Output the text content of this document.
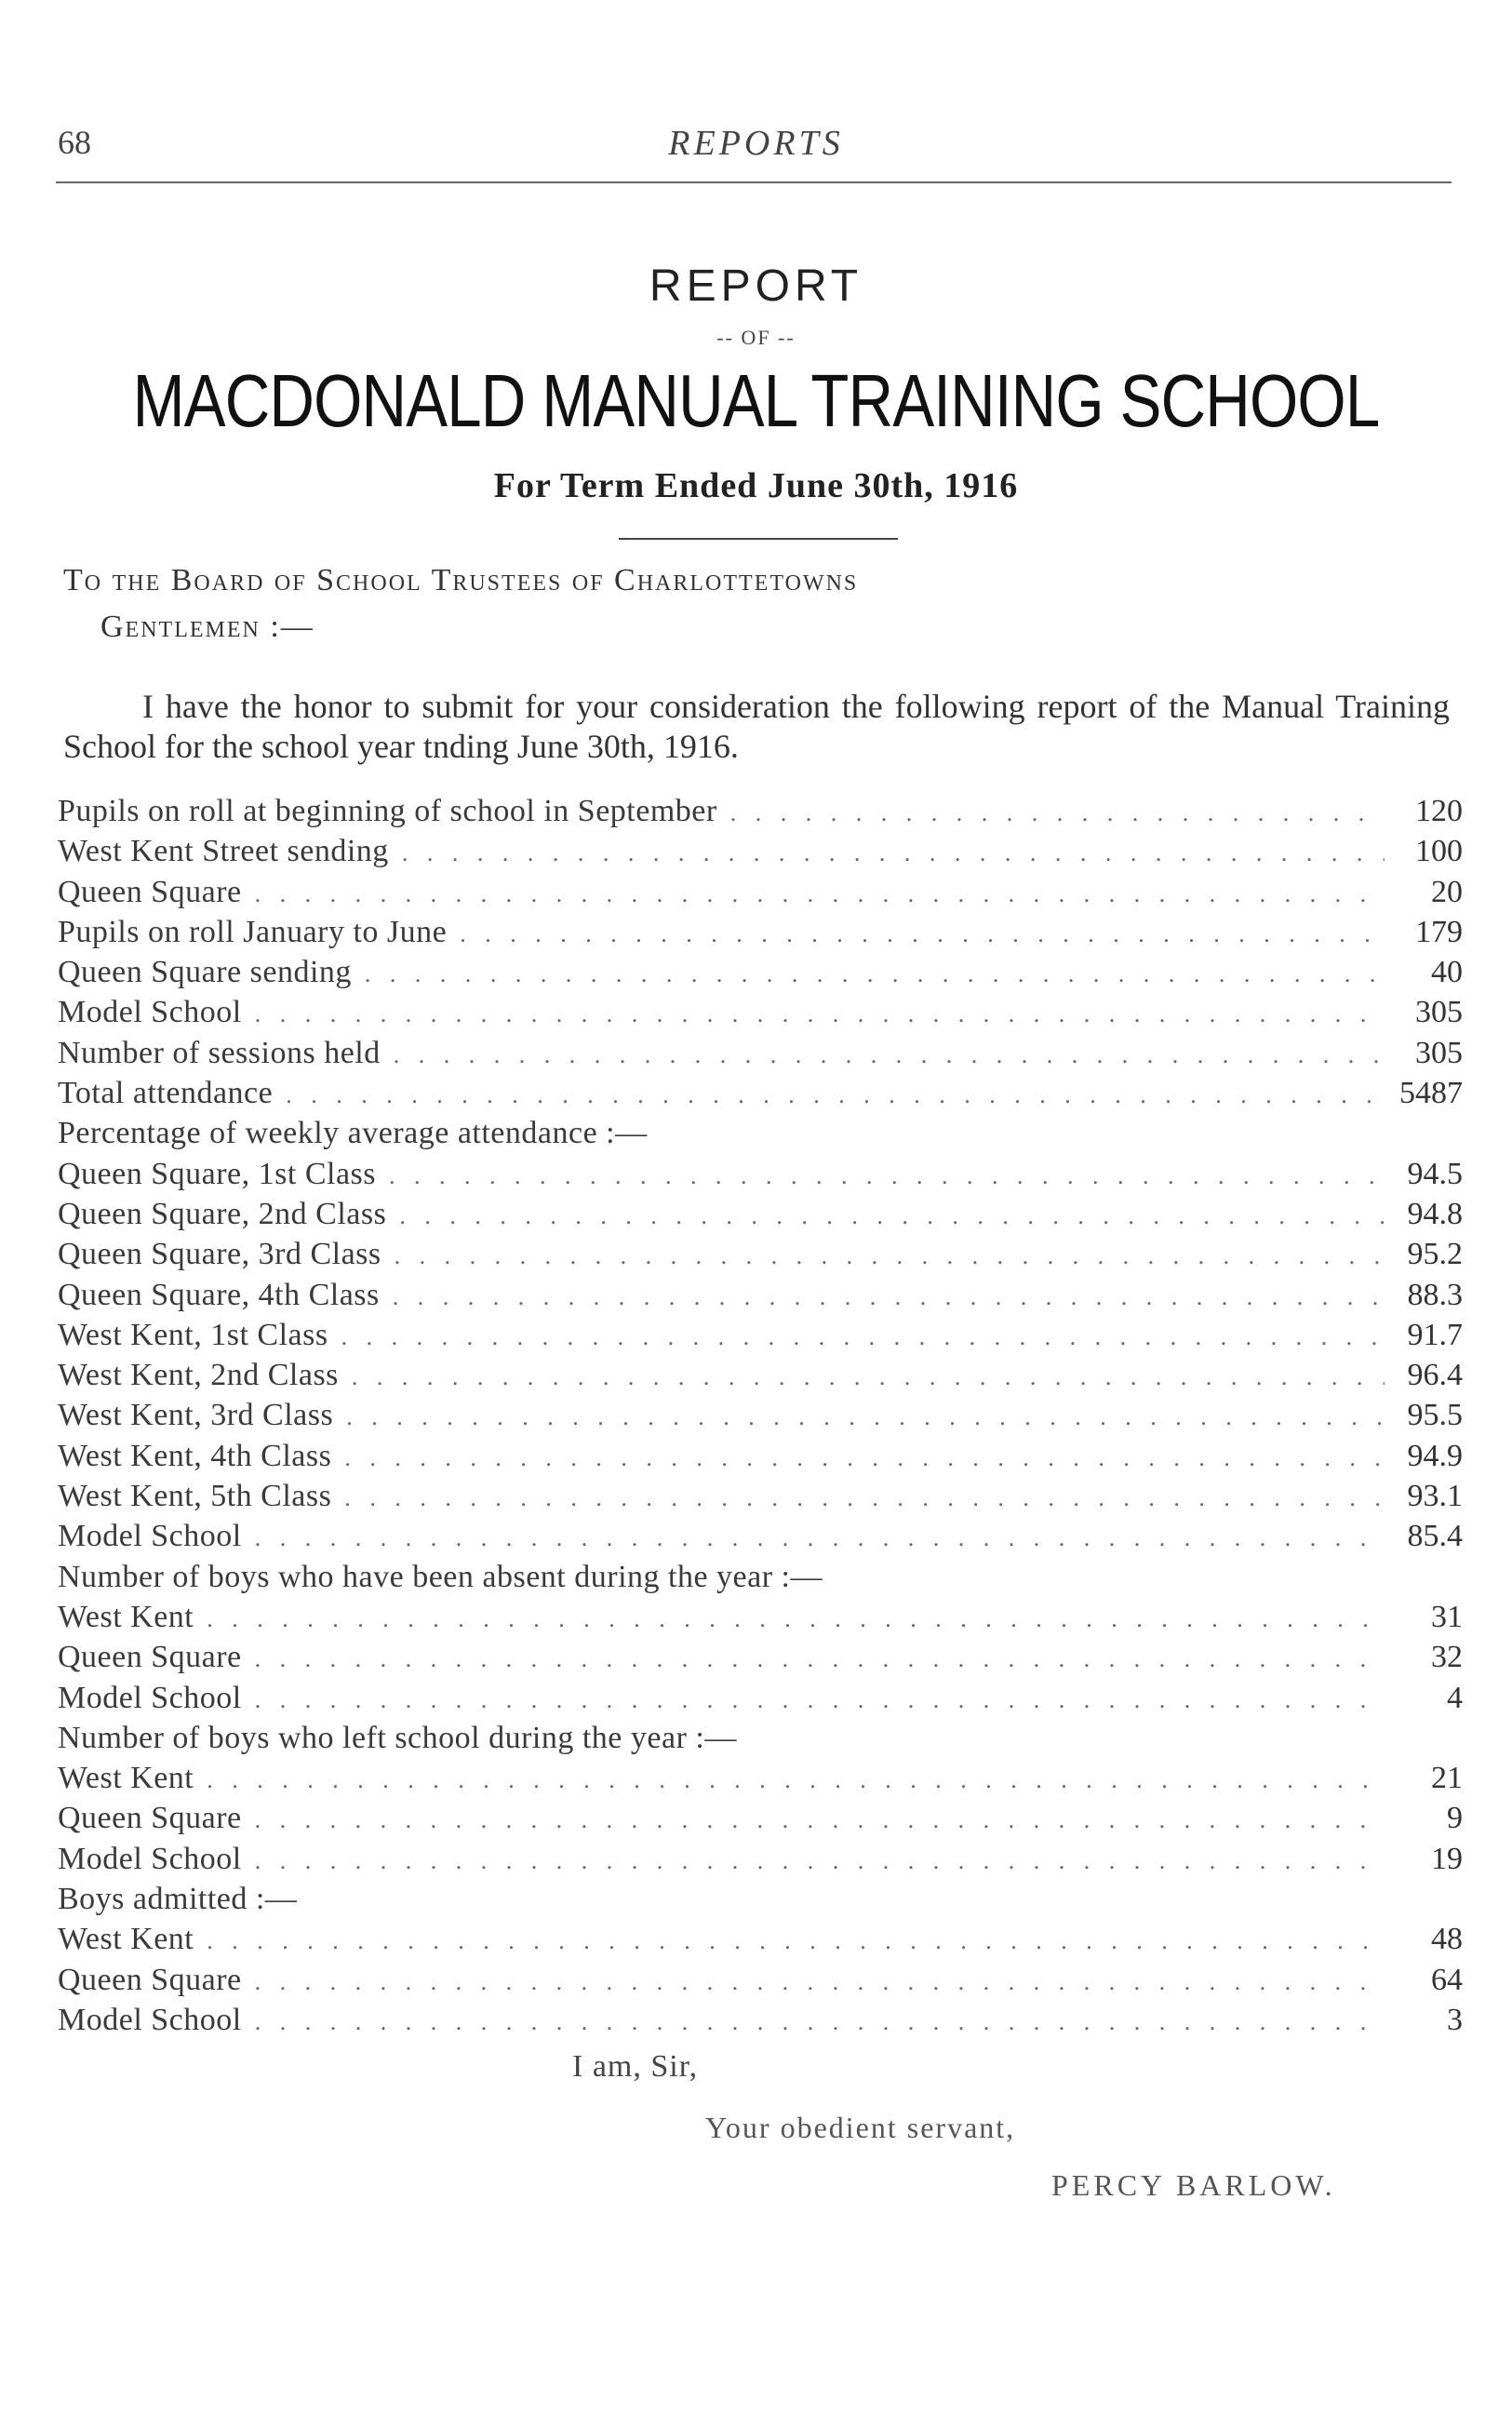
68	REPORTS
REPORT
-- OF --
MACDONALD MANUAL TRAINING SCHOOL
For Term Ended June 30th, 1916
To the Board of School Trustees of Charlottetowns
Gentlemen :—
I have the honor to submit for your consideration the following report of the Manual Training School for the school year tnding June 30th, 1916.
Pupils on roll at beginning of school in September . . .	120
West Kent Street sending . . .	100
Queen Square . . .	20
Pupils on roll January to June . . .	179
Queen Square sending . . .	40
Model School . . .	305
Number of sessions held . . .	305
Total attendance . . .	5487
Percentage of weekly average attendance :—
Queen Square, 1st Class . . .	94.5
Queen Square, 2nd Class . . .	94.8
Queen Square, 3rd Class . . .	95.2
Queen Square, 4th Class . . .	88.3
West Kent, 1st Class . . .	91.7
West Kent, 2nd Class . . .	96.4
West Kent, 3rd Class . . .	95.5
West Kent, 4th Class . . .	94.9
West Kent, 5th Class . . .	93.1
Model School . . .	85.4
Number of boys who have been absent during the year :—
West Kent . . .	31
Queen Square . . .	32
Model School . . .	4
Number of boys who left school during the year :—
West Kent . . .	21
Queen Square . . .	9
Model School . . .	19
Boys admitted :—
West Kent . . .	48
Queen Square . . .	64
Model School . . .	3
I am, Sir,
Your obedient servant,
PERCY BARLOW.
